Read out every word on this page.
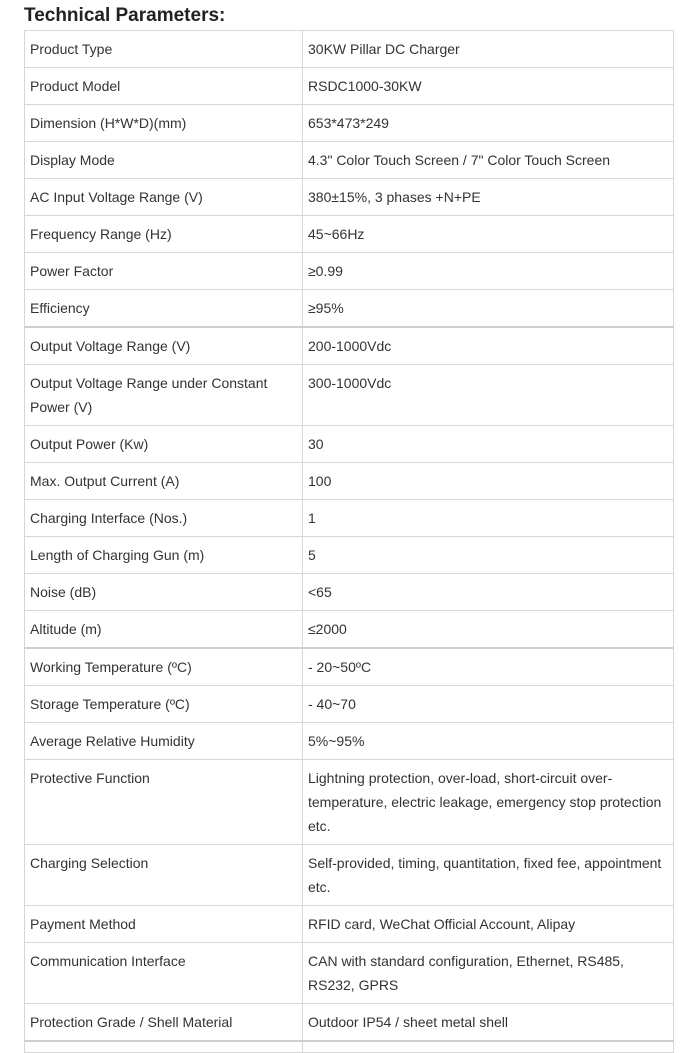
Technical Parameters:
Product Type	30KW Pillar DC Charger
Product Model	RSDC1000-30KW
Dimension (H*W*D)(mm)	653*473*249
Display Mode	4.3" Color Touch Screen / 7" Color Touch Screen
AC Input Voltage Range (V)	380±15%, 3 phases +N+PE
Frequency Range (Hz)	45~66Hz
Power Factor	≥0.99
Efficiency	≥95%
Output Voltage Range (V)	200-1000Vdc
Output Voltage Range under Constant Power (V)	300-1000Vdc
Output Power (Kw)	30
Max. Output Current (A)	100
Charging Interface (Nos.)	1
Length of Charging Gun (m)	5
Noise (dB)	<65
Altitude (m)	≤2000
Working Temperature (ºC)	- 20~50ºC
Storage Temperature (ºC)	- 40~70
Average Relative Humidity	5%~95%
Protective Function	Lightning protection, over-load, short-circuit over-temperature, electric leakage, emergency stop protection etc.
Charging Selection	Self-provided, timing, quantitation, fixed fee, appointment etc.
Payment Method	RFID card, WeChat Official Account, Alipay
Communication Interface	CAN with standard configuration, Ethernet, RS485, RS232, GPRS
Protection Grade / Shell Material	Outdoor IP54 / sheet metal shell
